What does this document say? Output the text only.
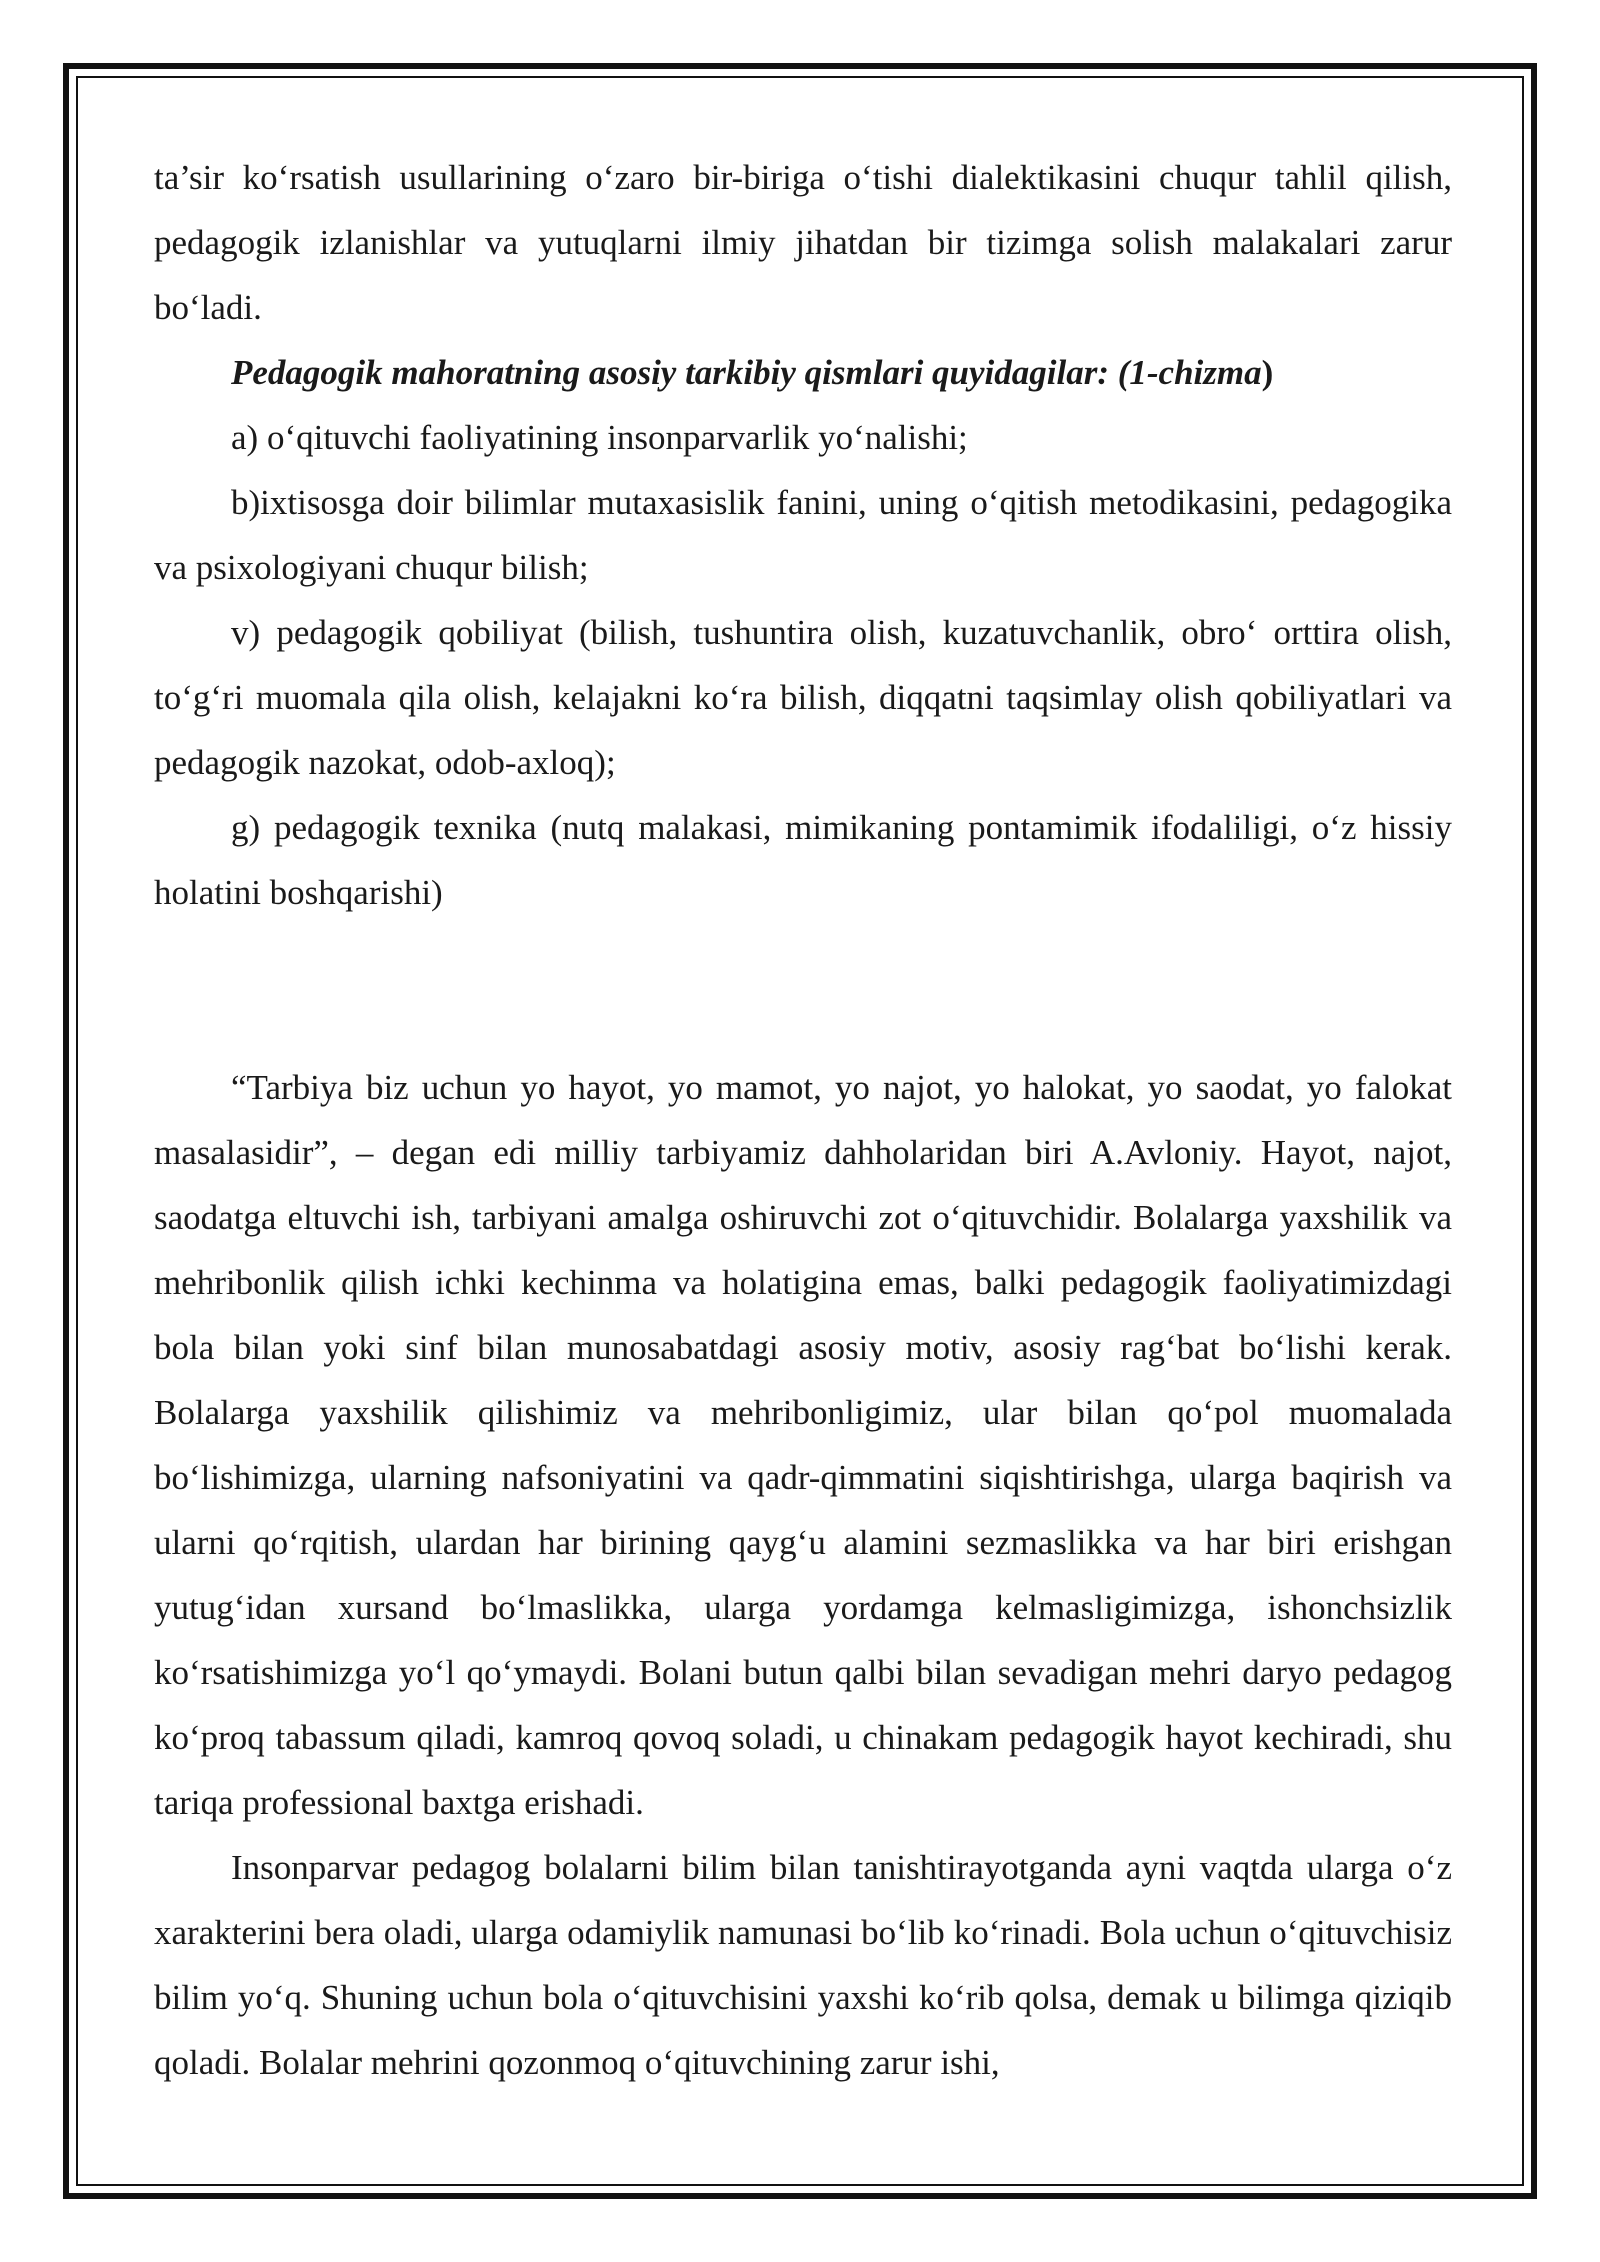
ta’sir ko‘rsatish usullarining o‘zaro bir-biriga o‘tishi dialektikasini chuqur tahlil qilish, pedagogik izlanishlar va yutuqlarni ilmiy jihatdan bir tizimga solish malakalari zarur bo‘ladi.

Pedagogik mahoratning asosiy tarkibiy qismlari quyidagilar: (1-chizma)

a) o‘qituvchi faoliyatining insonparvarlik yo‘nalishi;

b)ixtisosga doir bilimlar mutaxasislik fanini, uning o‘qitish metodikasini, pedagogika va psixologiyani chuqur bilish;

v) pedagogik qobiliyat (bilish, tushuntira olish, kuzatuvchanlik, obro‘ orttira olish, to‘g‘ri muomala qila olish, kelajakni ko‘ra bilish, diqqatni taqsimlay olish qobiliyatlari va pedagogik nazokat, odob-axloq);

g) pedagogik texnika (nutq malakasi, mimikaning pontamimik ifodaliligi, o‘z hissiy holatini boshqarishi)

“Tarbiya biz uchun yo hayot, yo mamot, yo najot, yo halokat, yo saodat, yo falokat masalasidir”, – degan edi milliy tarbiyamiz dahholaridan biri A.Avloniy. Hayot, najot, saodatga eltuvchi ish, tarbiyani amalga oshiruvchi zot o‘qituvchidir. Bolalarga yaxshilik va mehribonlik qilish ichki kechinma va holatigina emas, balki pedagogik faoliyatimizdagi bola bilan yoki sinf bilan munosabatdagi asosiy motiv, asosiy rag‘bat bo‘lishi kerak. Bolalarga yaxshilik qilishimiz va mehribonligimiz, ular bilan qo‘pol muomalada bo‘lishimizga, ularning nafsoniyatini va qadr-qimmatini siqishtirishga, ularga baqirish va ularni qo‘rqitish, ulardan har birining qayg‘u alamini sezmaslikka va har biri erishgan yutug‘idan xursand bo‘lmaslikka, ularga yordamga kelmasligimizga, ishonchsizlik ko‘rsatishimizga yo‘l qo‘ymaydi. Bolani butun qalbi bilan sevadigan mehri daryo pedagog ko‘proq tabassum qiladi, kamroq qovoq soladi, u chinakam pedagogik hayot kechiradi, shu tariqa professional baxtga erishadi.

Insonparvar pedagog bolalarni bilim bilan tanishtirayotganda ayni vaqtda ularga o‘z xarakterini bera oladi, ularga odamiylik namunasi bo‘lib ko‘rinadi. Bola uchun o‘qituvchisiz bilim yo‘q. Shuning uchun bola o‘qituvchisini yaxshi ko‘rib qolsa, demak u bilimga qiziqib qoladi. Bolalar mehrini qozonmoq o‘qituvchining zarur ishi,
